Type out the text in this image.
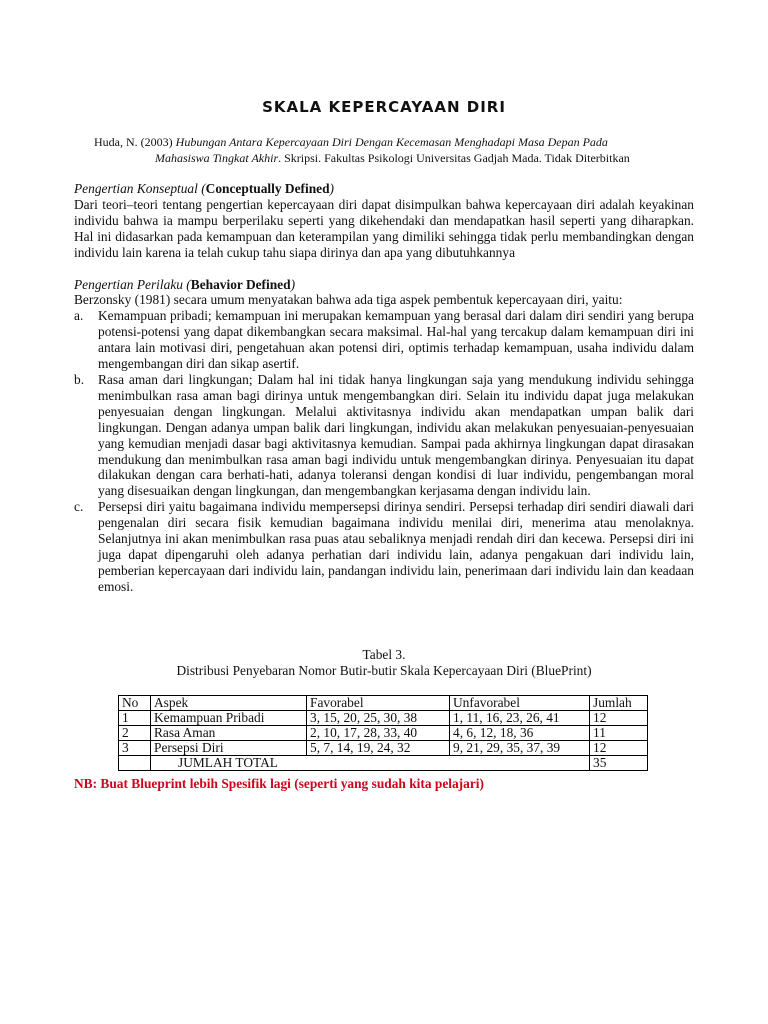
SKALA KEPERCAYAAN DIRI
Huda, N. (2003) Hubungan Antara Kepercayaan Diri Dengan Kecemasan Menghadapi Masa Depan Pada
Mahasiswa Tingkat Akhir. Skripsi. Fakultas Psikologi Universitas Gadjah Mada. Tidak Diterbitkan
Pengertian Konseptual (Conceptually Defined)

Dari teori–teori tentang pengertian kepercayaan diri dapat disimpulkan bahwa kepercayaan diri adalah keyakinan individu bahwa ia mampu berperilaku seperti yang dikehendaki dan mendapatkan hasil seperti yang diharapkan. Hal ini didasarkan pada kemampuan dan keterampilan yang dimiliki sehingga tidak perlu membandingkan dengan individu lain karena ia telah cukup tahu siapa dirinya dan apa yang dibutuhkannya

Pengertian Perilaku (Behavior Defined)

Berzonsky (1981) secara umum menyatakan bahwa ada tiga aspek pembentuk kepercayaan diri, yaitu:

a. Kemampuan pribadi; kemampuan ini merupakan kemampuan yang berasal dari dalam diri sendiri yang berupa potensi-potensi yang dapat dikembangkan secara maksimal. Hal-hal yang tercakup dalam kemampuan diri ini antara lain motivasi diri, pengetahuan akan potensi diri, optimis terhadap kemampuan, usaha individu dalam mengembangan diri dan sikap asertif.
b. Rasa aman dari lingkungan; Dalam hal ini tidak hanya lingkungan saja yang mendukung individu sehingga menimbulkan rasa aman bagi dirinya untuk mengembangkan diri. Selain itu individu dapat juga melakukan penyesuaian dengan lingkungan. Melalui aktivitasnya individu akan mendapatkan umpan balik dari lingkungan. Dengan adanya umpan balik dari lingkungan, individu akan melakukan penyesuaian-penyesuaian yang kemudian menjadi dasar bagi aktivitasnya kemudian. Sampai pada akhirnya lingkungan dapat dirasakan mendukung dan menimbulkan rasa aman bagi individu untuk mengembangkan dirinya. Penyesuaian itu dapat dilakukan dengan cara berhati-hati, adanya toleransi dengan kondisi di luar individu, pengembangan moral yang disesuaikan dengan lingkungan, dan mengembangkan kerjasama dengan individu lain.
c. Persepsi diri yaitu bagaimana individu mempersepsi dirinya sendiri. Persepsi terhadap diri sendiri diawali dari pengenalan diri secara fisik kemudian bagaimana individu menilai diri, menerima atau menolaknya. Selanjutnya ini akan menimbulkan rasa puas atau sebaliknya menjadi rendah diri dan kecewa. Persepsi diri ini juga dapat dipengaruhi oleh adanya perhatian dari individu lain, adanya pengakuan dari individu lain, pemberian kepercayaan dari individu lain, pandangan individu lain, penerimaan dari individu lain dan keadaan emosi.
Tabel 3.
Distribusi Penyebaran Nomor Butir-butir Skala Kepercayaan Diri (BluePrint)
No	Aspek	Favorabel	Unfavorabel	Jumlah
1	Kemampuan Pribadi	3, 15, 20, 25, 30, 38	1, 11, 16, 23, 26, 41	12
2	Rasa Aman	2, 10, 17, 28, 33, 40	4, 6, 12, 18, 36	11
3	Persepsi Diri	5, 7, 14, 19, 24, 32	9, 21, 29, 35, 37, 39	12
	JUMLAH TOTAL			35
NB: Buat Blueprint lebih Spesifik lagi (seperti yang sudah kita pelajari)
